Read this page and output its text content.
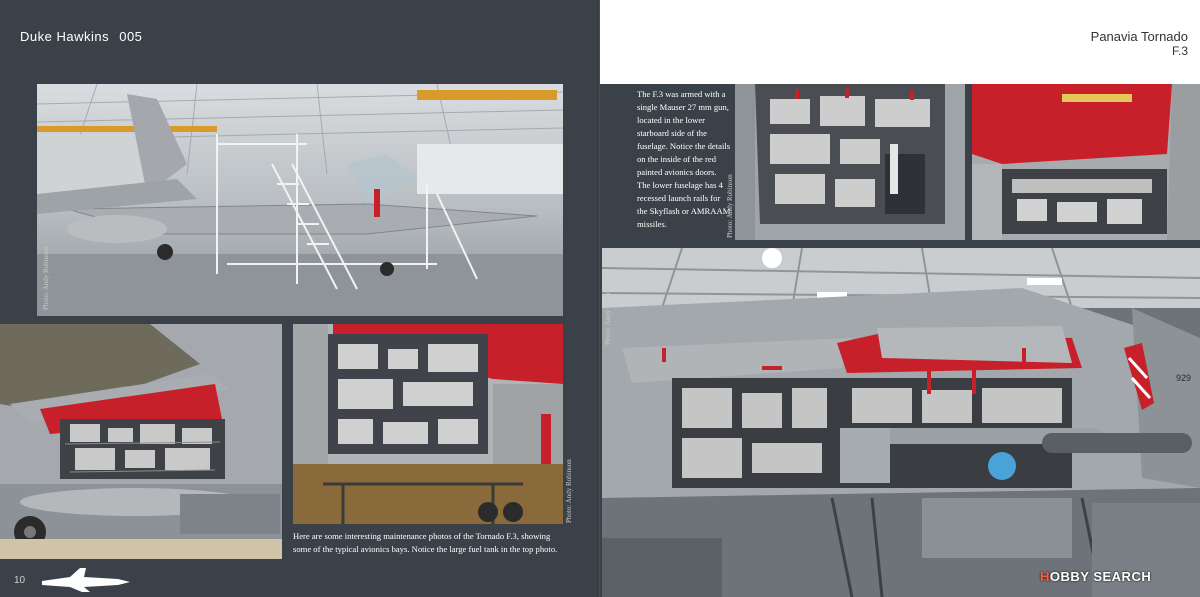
Duke Hawkins 005
Photo: Andy Robinson
Photo: Andy Robinson
Here are some interesting maintenance photos of the Tornado F.3, showing some of the typical avionics bays. Notice the large fuel tank in the top photo.
10
Panavia Tornado
F.3
The F.3 was armed with a single Mauser 27 mm gun, located in the lower starboard side of the fuselage. Notice the details on the inside of the red painted avionics doors. The lower fuselage has 4 recessed launch rails for the Skyflash or AMRAAM missiles.	Photo: Andy Robinson
Photo: Andy Robinson
929
HOBBY SEARCH
